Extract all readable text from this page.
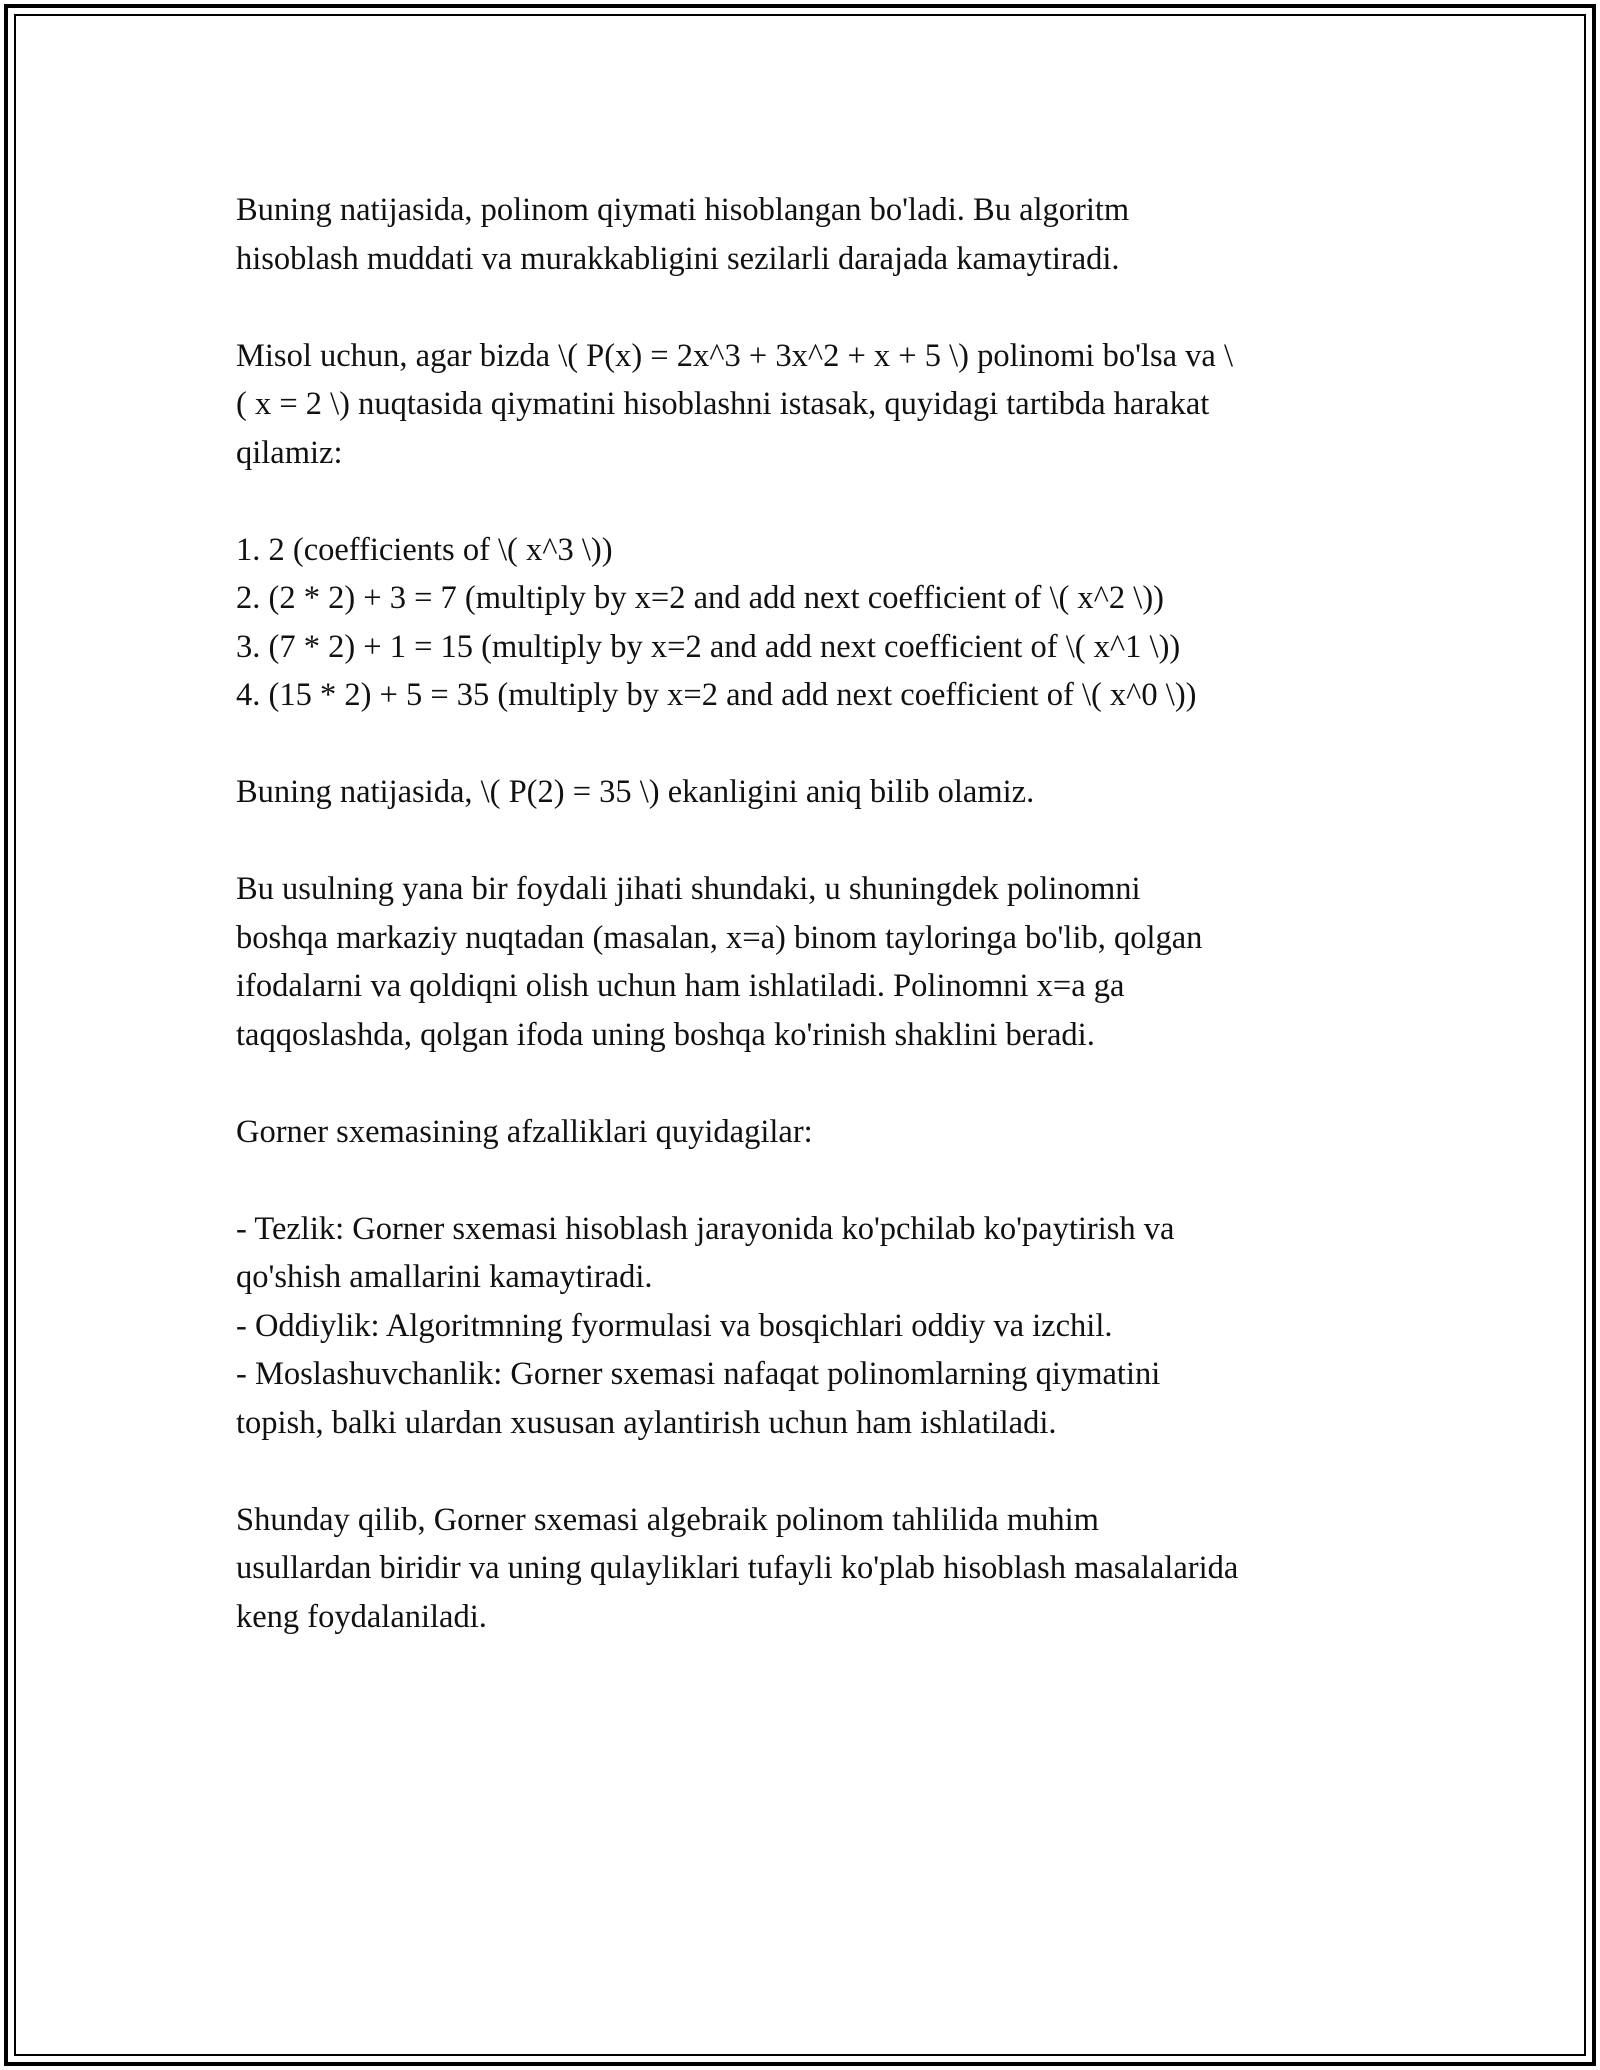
Buning natijasida, polinom qiymati hisoblangan bo'ladi. Bu algoritm
hisoblash muddati va murakkabligini sezilarli darajada kamaytiradi.

Misol uchun, agar bizda \( P(x) = 2x^3 + 3x^2 + x + 5 \) polinomi bo'lsa va \
( x = 2 \) nuqtasida qiymatini hisoblashni istasak, quyidagi tartibda harakat
qilamiz:

1. 2 (coefficients of \( x^3 \))
2. (2 * 2) + 3 = 7 (multiply by x=2 and add next coefficient of \( x^2 \))
3. (7 * 2) + 1 = 15 (multiply by x=2 and add next coefficient of \( x^1 \))
4. (15 * 2) + 5 = 35 (multiply by x=2 and add next coefficient of \( x^0 \))

Buning natijasida, \( P(2) = 35 \) ekanligini aniq bilib olamiz.

Bu usulning yana bir foydali jihati shundaki, u shuningdek polinomni
boshqa markaziy nuqtadan (masalan, x=a) binom tayloringa bo'lib, qolgan
ifodalarni va qoldiqni olish uchun ham ishlatiladi. Polinomni x=a ga
taqqoslashda, qolgan ifoda uning boshqa ko'rinish shaklini beradi.

Gorner sxemasining afzalliklari quyidagilar:

- Tezlik: Gorner sxemasi hisoblash jarayonida ko'pchilab ko'paytirish va
qo'shish amallarini kamaytiradi.
- Oddiylik: Algoritmning fyormulasi va bosqichlari oddiy va izchil.
- Moslashuvchanlik: Gorner sxemasi nafaqat polinomlarning qiymatini
topish, balki ulardan xususan aylantirish uchun ham ishlatiladi.

Shunday qilib, Gorner sxemasi algebraik polinom tahlilida muhim
usullardan biridir va uning qulayliklari tufayli ko'plab hisoblash masalalarida
keng foydalaniladi.
